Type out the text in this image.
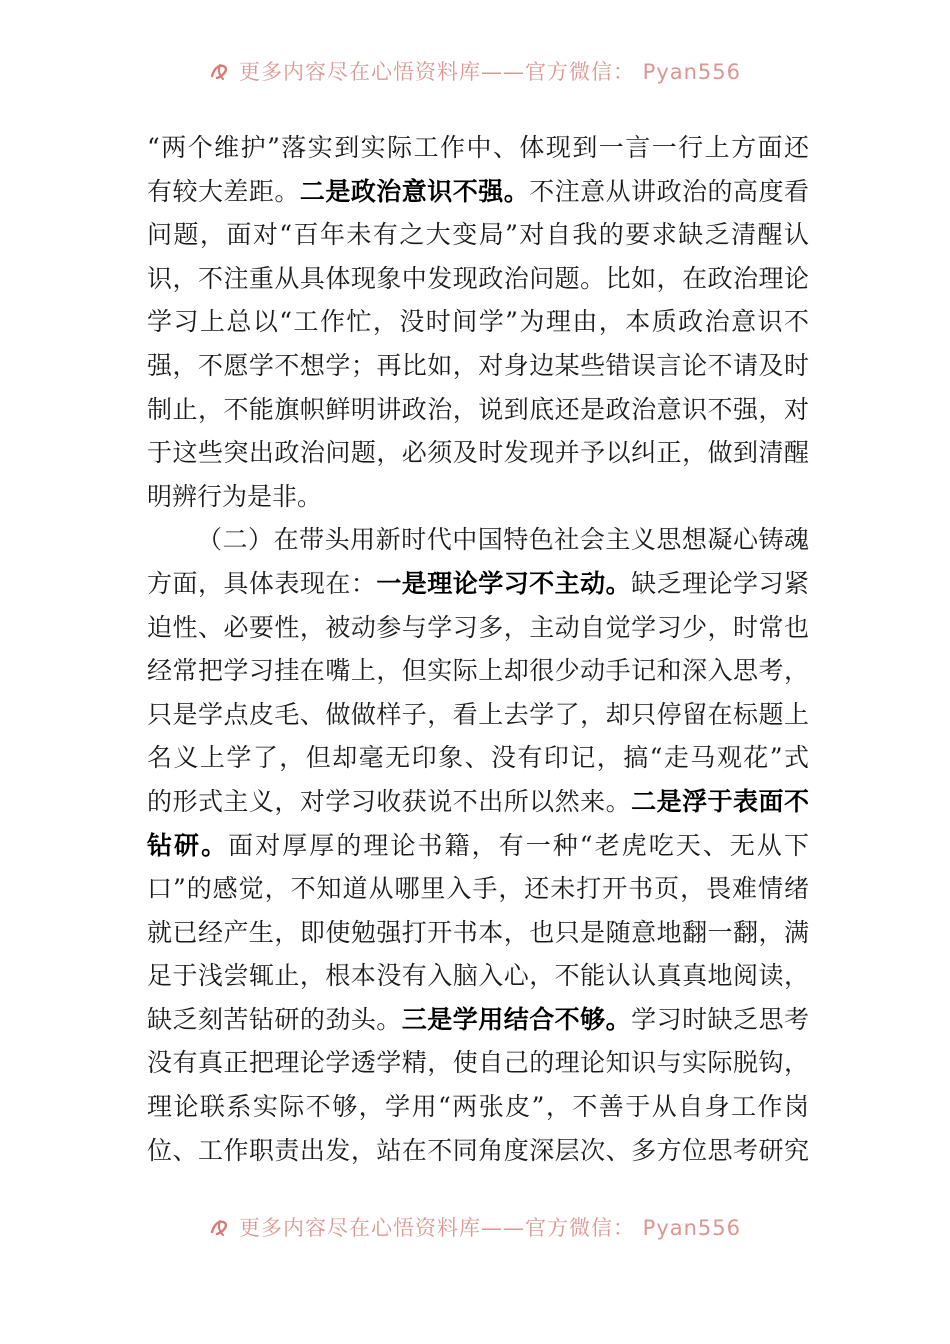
更多内容尽在心悟资料库——官方微信： Pyan556
“两个维护”落实到实际工作中、体现到一言一行上方面还
有较大差距。二是政治意识不强。不注意从讲政治的高度看
问题，面对“百年未有之大变局”对自我的要求缺乏清醒认
识，不注重从具体现象中发现政治问题。比如，在政治理论
学习上总以“工作忙，没时间学”为理由，本质政治意识不
强，不愿学不想学；再比如，对身边某些错误言论不请及时
制止，不能旗帜鲜明讲政治，说到底还是政治意识不强，对
于这些突出政治问题，必须及时发现并予以纠正，做到清醒
明辨行为是非。
（二）在带头用新时代中国特色社会主义思想凝心铸魂
方面，具体表现在：一是理论学习不主动。缺乏理论学习紧
迫性、必要性，被动参与学习多，主动自觉学习少，时常也
经常把学习挂在嘴上，但实际上却很少动手记和深入思考，
只是学点皮毛、做做样子，看上去学了，却只停留在标题上
名义上学了，但却毫无印象、没有印记，搞“走马观花”式
的形式主义，对学习收获说不出所以然来。二是浮于表面不
钻研。面对厚厚的理论书籍，有一种“老虎吃天、无从下
口”的感觉，不知道从哪里入手，还未打开书页，畏难情绪
就已经产生，即使勉强打开书本，也只是随意地翻一翻，满
足于浅尝辄止，根本没有入脑入心，不能认认真真地阅读，
缺乏刻苦钻研的劲头。三是学用结合不够。学习时缺乏思考
没有真正把理论学透学精，使自己的理论知识与实际脱钩，
理论联系实际不够，学用“两张皮”，不善于从自身工作岗
位、工作职责出发，站在不同角度深层次、多方位思考研究
更多内容尽在心悟资料库——官方微信： Pyan556
